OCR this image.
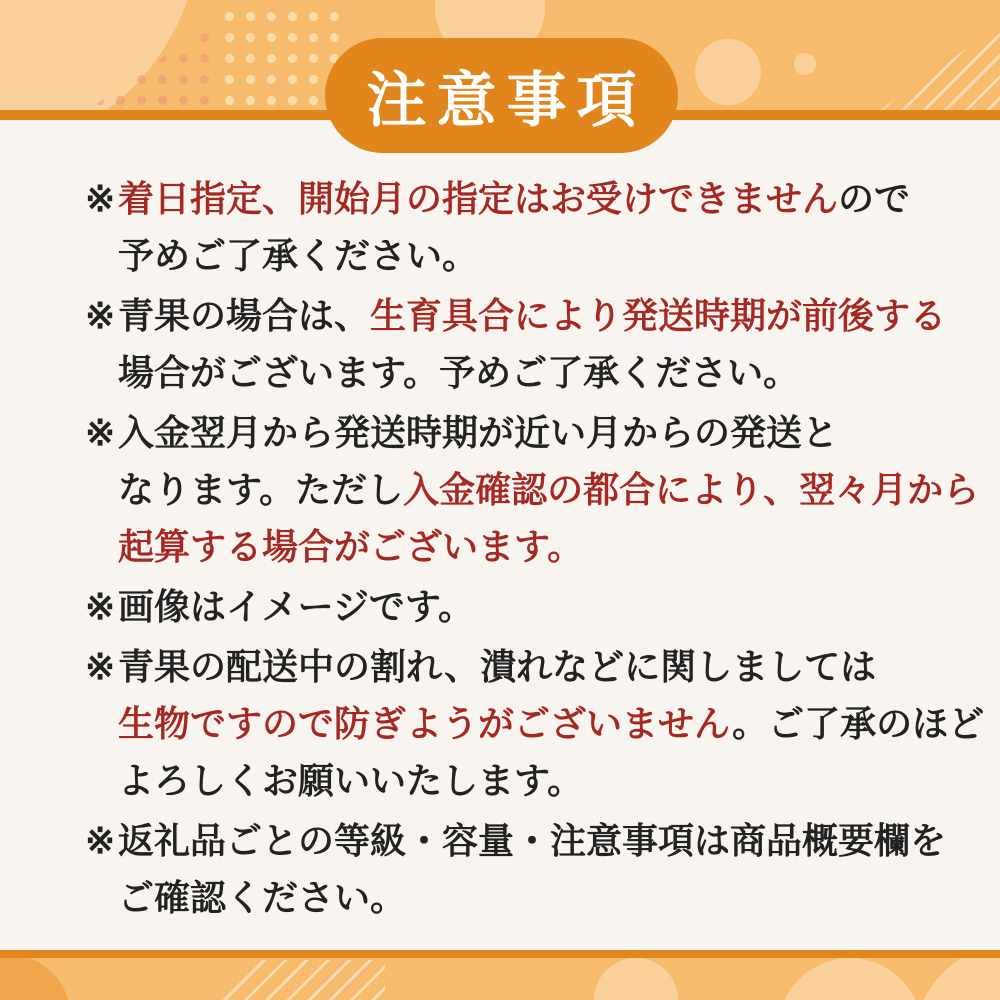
注意事項
※ 着日指定、開始月の指定はお受けできませんので
予めご了承ください。
※ 青果の場合は、生育具合により発送時期が前後する
場合がございます。予めご了承ください。
※ 入金翌月から発送時期が近い月からの発送と
なります。ただし入金確認の都合により、翌々月から
起算する場合がございます。
※ 画像はイメージです。
※ 青果の配送中の割れ、潰れなどに関しましては
生物ですので防ぎようがございません。ご了承のほど
よろしくお願いいたします。
※ 返礼品ごとの等級・容量・注意事項は商品概要欄を
ご確認ください。
